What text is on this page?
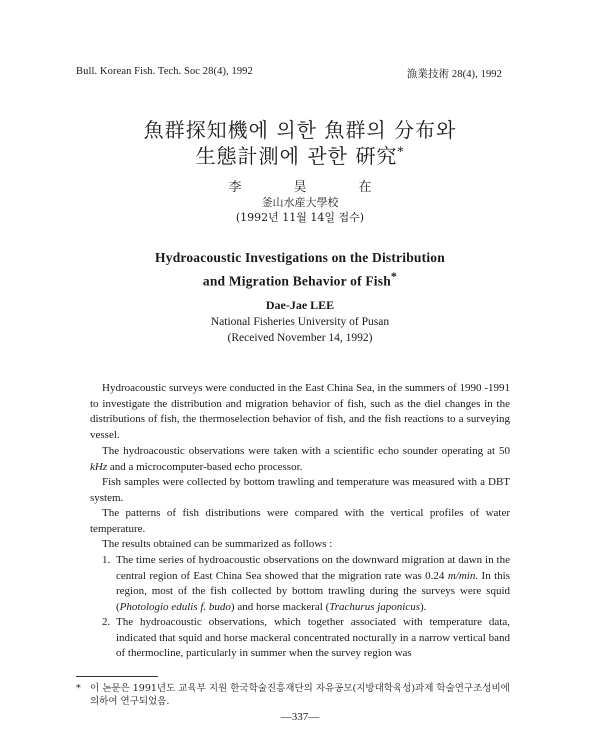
Bull. Korean Fish. Tech. Soc 28(4), 1992	漁業技術 28(4), 1992
魚群探知機에 의한 魚群의 分布와
生態計測에 관한 硏究*
李	昊	在
釜山水産大學校
(1992년 11월 14일 접수)
Hydroacoustic Investigations on the Distribution
and Migration Behavior of Fish*
Dae-Jae LEE
National Fisheries University of Pusan
(Received November 14, 1992)

Hydroacoustic surveys were conducted in the East China Sea, in the summers of 1990 -1991 to investigate the distribution and migration behavior of fish, such as the diel changes in the distributions of fish, the thermoselection behavior of fish, and the fish reactions to a surveying vessel.

The hydroacoustic observations were taken with a scientific echo sounder operating at 50 kHz and a microcomputer-based echo processor.

Fish samples were collected by bottom trawling and temperature was measured with a DBT system.

The patterns of fish distributions were compared with the vertical profiles of water temperature.

The results obtained can be summarized as follows :

1. The time series of hydroacoustic observations on the downward migration at dawn in the central region of East China Sea showed that the migration rate was 0.24 m/min. In this region, most of the fish collected by bottom trawling during the surveys were squid (Photologio edulis f. budo) and horse mackeral (Trachurus japonicus).
2. The hydroacoustic observations, which together associated with temperature data, indicated that squid and horse mackeral concentrated nocturally in a narrow vertical band of thermocline, particularly in summer when the survey region was
* 이 논문은 1991년도 교육부 지원 한국학술진흥재단의 자유공모(지방대학육성)과제 학술연구조성비에 의하여 연구되었음.
—337—
